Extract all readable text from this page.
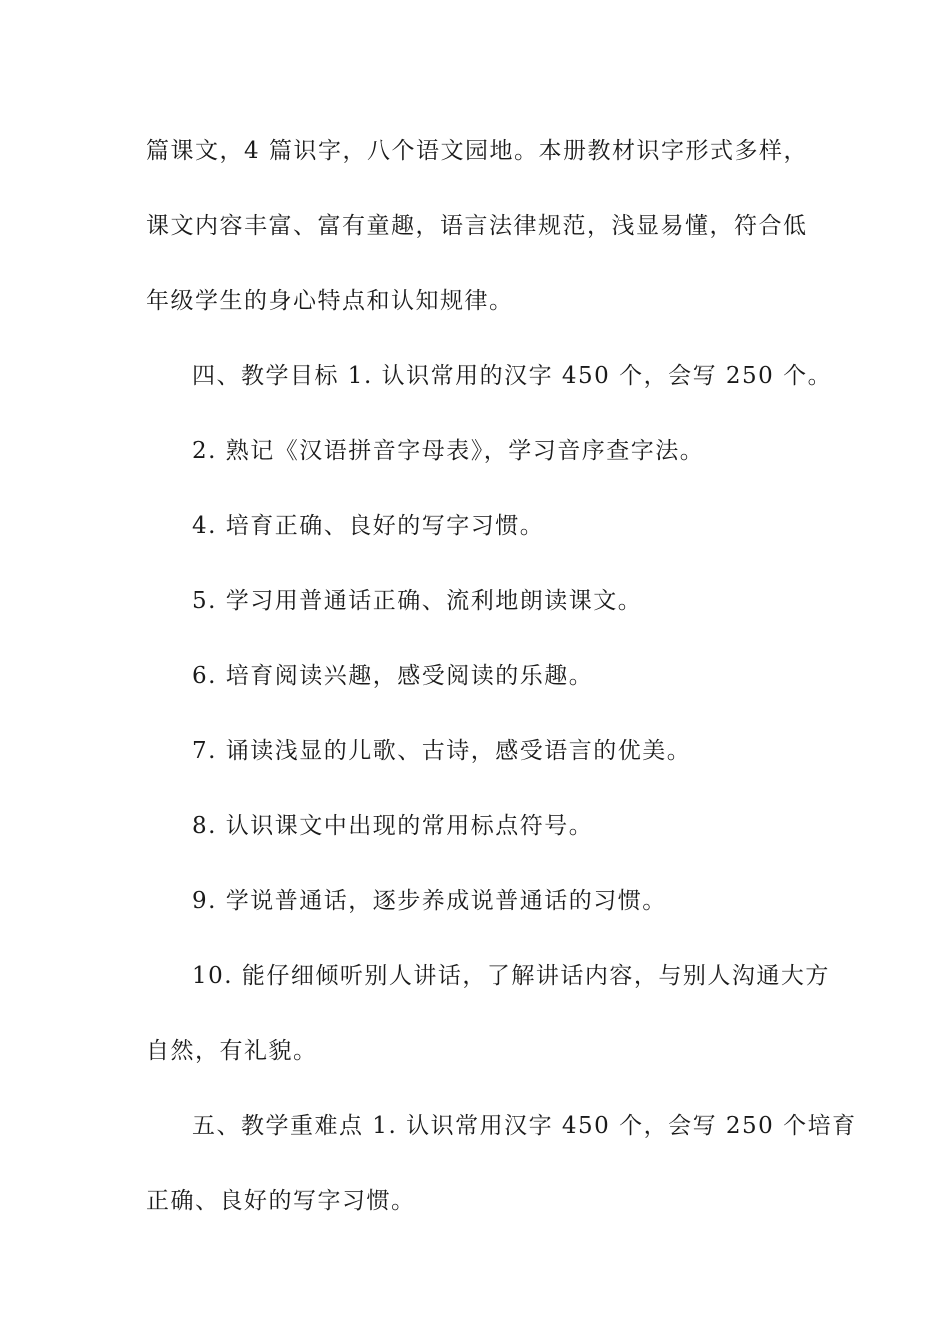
篇课文，4 篇识字，八个语文园地。本册教材识字形式多样，
课文内容丰富、富有童趣，语言法律规范，浅显易懂，符合低
年级学生的身心特点和认知规律。
四、教学目标 1. 认识常用的汉字 450 个，会写 250 个。
2. 熟记《汉语拼音字母表》，学习音序查字法。
4. 培育正确、良好的写字习惯。
5. 学习用普通话正确、流利地朗读课文。
6. 培育阅读兴趣，感受阅读的乐趣。
7. 诵读浅显的儿歌、古诗，感受语言的优美。
8. 认识课文中出现的常用标点符号。
9. 学说普通话，逐步养成说普通话的习惯。
10. 能仔细倾听别人讲话，了解讲话内容，与别人沟通大方
自然，有礼貌。
五、教学重难点 1. 认识常用汉字 450 个，会写 250 个培育
正确、良好的写字习惯。
